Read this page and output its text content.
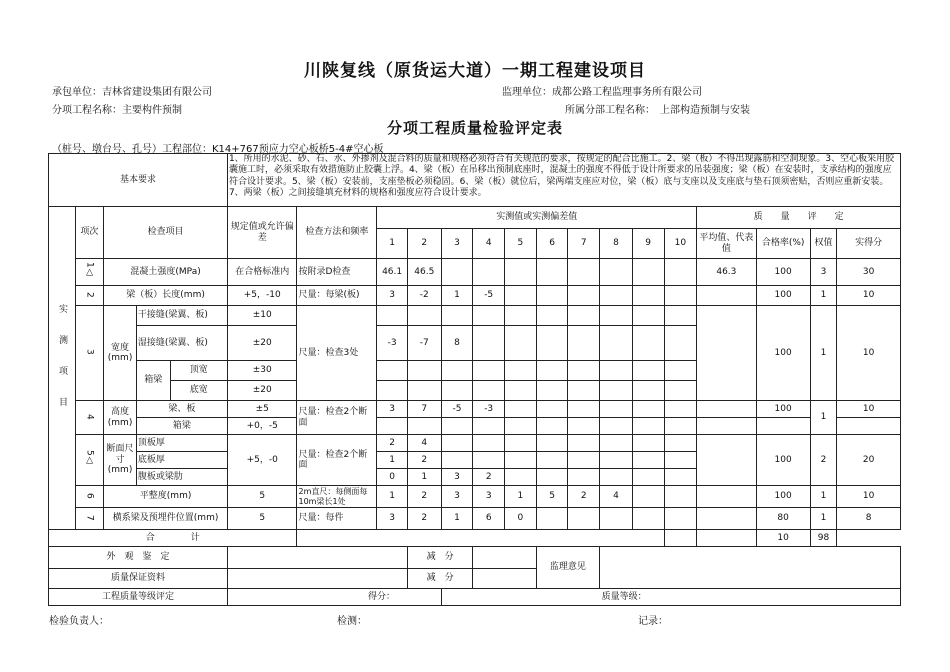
川陕复线（原货运大道）一期工程建设项目
承包单位：吉林省建设集团有限公司	监理单位：成都公路工程监理事务所有限公司
分项工程名称：主要构件预制	所属分部工程名称：　上部构造预制与安装
分项工程质量检验评定表
（桩号、墩台号、孔号）工程部位：K14+767预应力空心板桥5-4#空心板
基本要求					1、所用的水泥、砂、石、水、外掺剂及混合料的质量和规格必须符合有关规范的要求，按规定的配合比施工。2、梁（板）不得出现露筋和空洞现象。3、空心板采用胶囊施工时，必须采取有效措施防止胶囊上浮。4、梁（板）在吊移出预制底座时，混凝土的强度不得低于设计所要求的吊装强度；梁（板）在安装时，支承结构的强度应符合设计要求。5、梁（板）安装前，支座垫板必须稳固。6、梁（板）就位后，梁两端支座应对位，梁（板）底与支座以及支座底与垫石顶须密贴，否则应重新安装。7、两梁（板）之间接缝填充材料的规格和强度应符合设计要求。															
实测项目	项次	检查项目			规定值或允许偏差	检查方法和频率	实测值或实测偏差值										质　　量　　评　　定			
							1	2	3	4	5	6	7	8	9	10	平均值、代表值	合格率(%)	权值	实得分
	1△	混凝土强度(MPa)			在合格标准内	按附录D检查	46.1	46.5									46.3	100	3	30
	2	梁（板）长度(mm)			+5，-10	尺量：每梁(板)	3	-2	1	-5								100	1	10
	3	宽度(mm)	干接缝(梁翼、板)		±10	尺量：检查3处												100	1	10
			湿接缝(梁翼、板)		±20		-3	-7	8											
			箱梁	顶宽	±30															
				底宽	±20															
	4	高度(mm)	梁、板		±5	尺量：检查2个断面	3	7	-5	-3								100	1	10
			箱梁		+0，-5															
	5△	断面尺寸(mm)	顶板厚		+5，-0	尺量：检查2个断面	2	4										100	2	20
			底板厚				1	2												
			腹板或梁肋				0	1	3	2										
	6	平整度(mm)			5	2m直尺：每侧面每10m梁长1处	1	2	3	3	1	5	2	4				100	1	10
	7	横系梁及预埋件位置(mm)			5	尺量：每件	3	2	1	6	0							80	1	8
合　　　　计																		10	98	
外　观　鉴　定								减　分				监理意见								
质量保证资料								减　分												
工程质量等级评定					得分：				质量等级：											
检验负责人：	检测：	记录：
